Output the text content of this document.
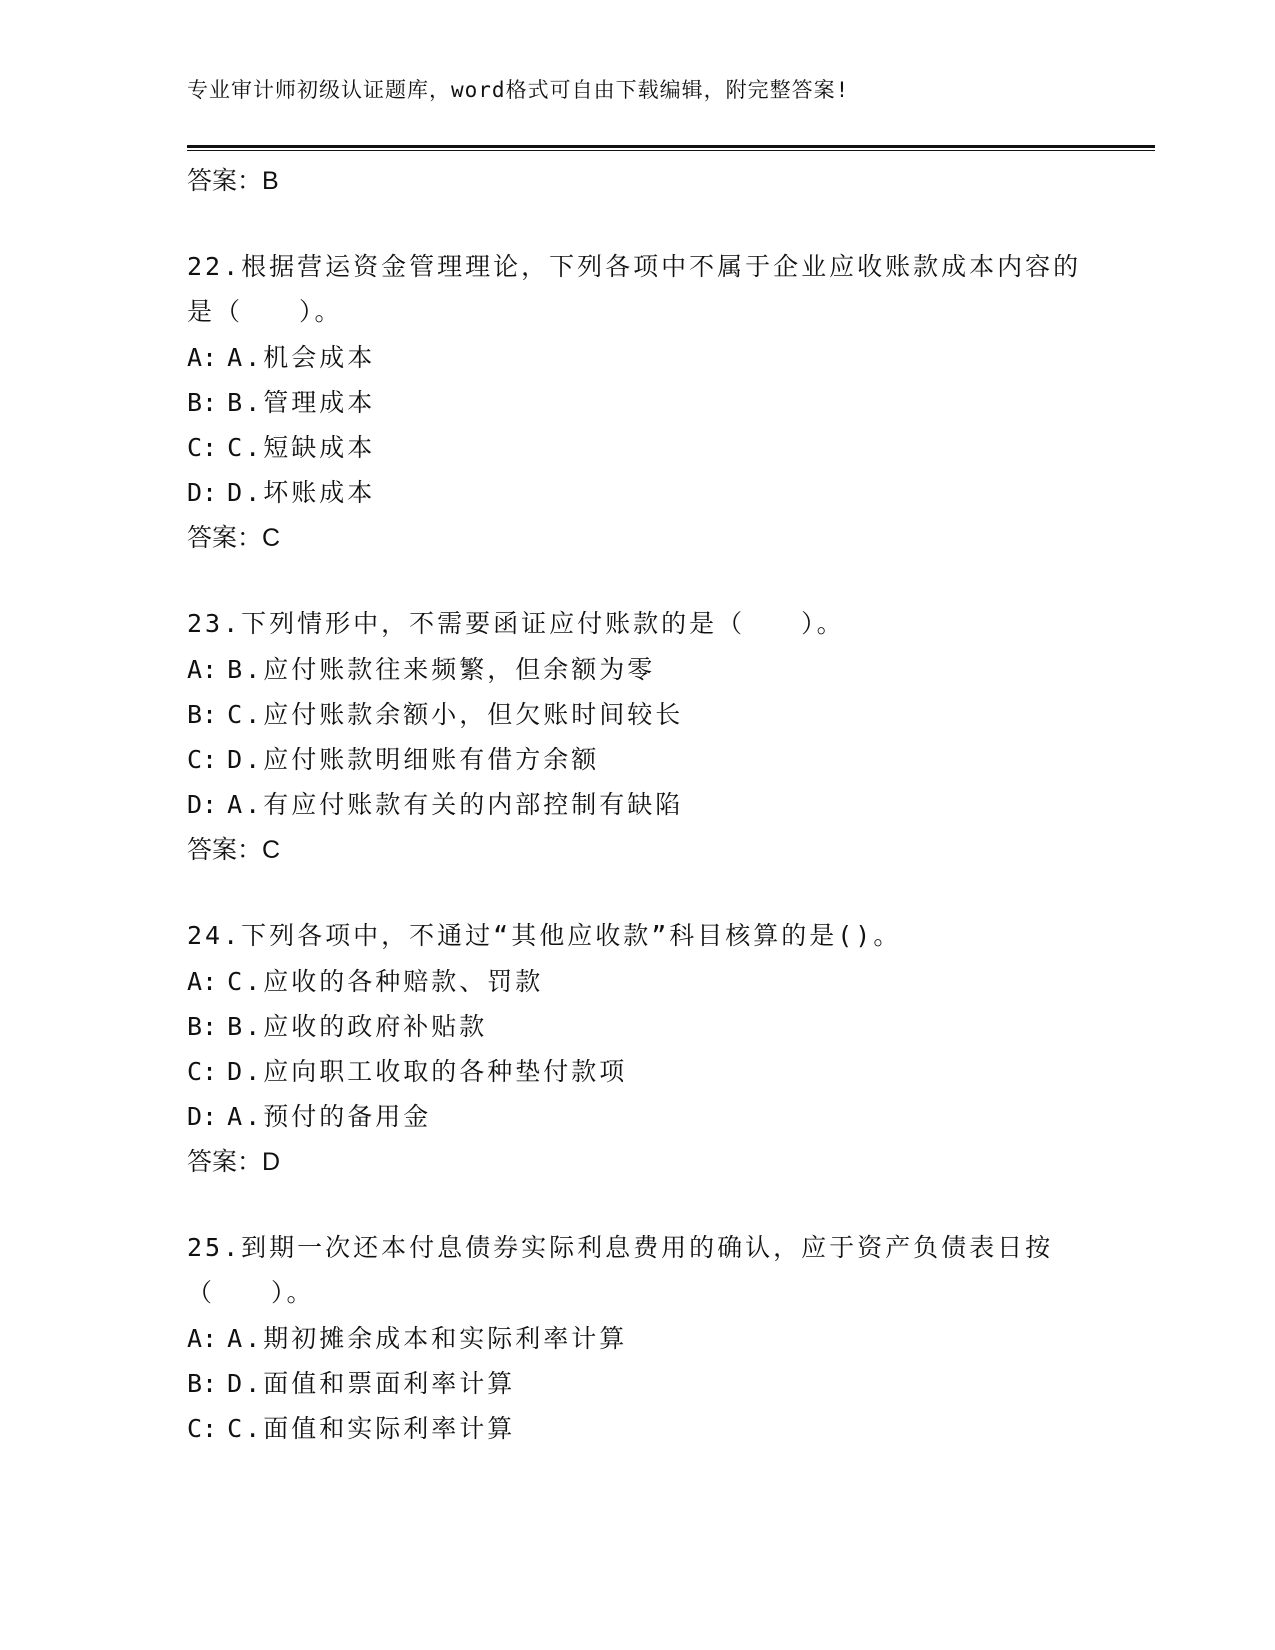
专业审计师初级认证题库，word格式可自由下载编辑，附完整答案!
答案：B
22.根据营运资金管理理论，下列各项中不属于企业应收账款成本内容的是（　　）。
A: A.机会成本
B: B.管理成本
C: C.短缺成本
D: D.坏账成本
答案：C
23.下列情形中，不需要函证应付账款的是（　　）。
A: B.应付账款往来频繁，但余额为零
B: C.应付账款余额小，但欠账时间较长
C: D.应付账款明细账有借方余额
D: A.有应付账款有关的内部控制有缺陷
答案：C
24.下列各项中，不通过“其他应收款”科目核算的是()。
A: C.应收的各种赔款、罚款
B: B.应收的政府补贴款
C: D.应向职工收取的各种垫付款项
D: A.预付的备用金
答案：D
25.到期一次还本付息债券实际利息费用的确认，应于资产负债表日按（　　）。
A: A.期初摊余成本和实际利率计算
B: D.面值和票面利率计算
C: C.面值和实际利率计算
